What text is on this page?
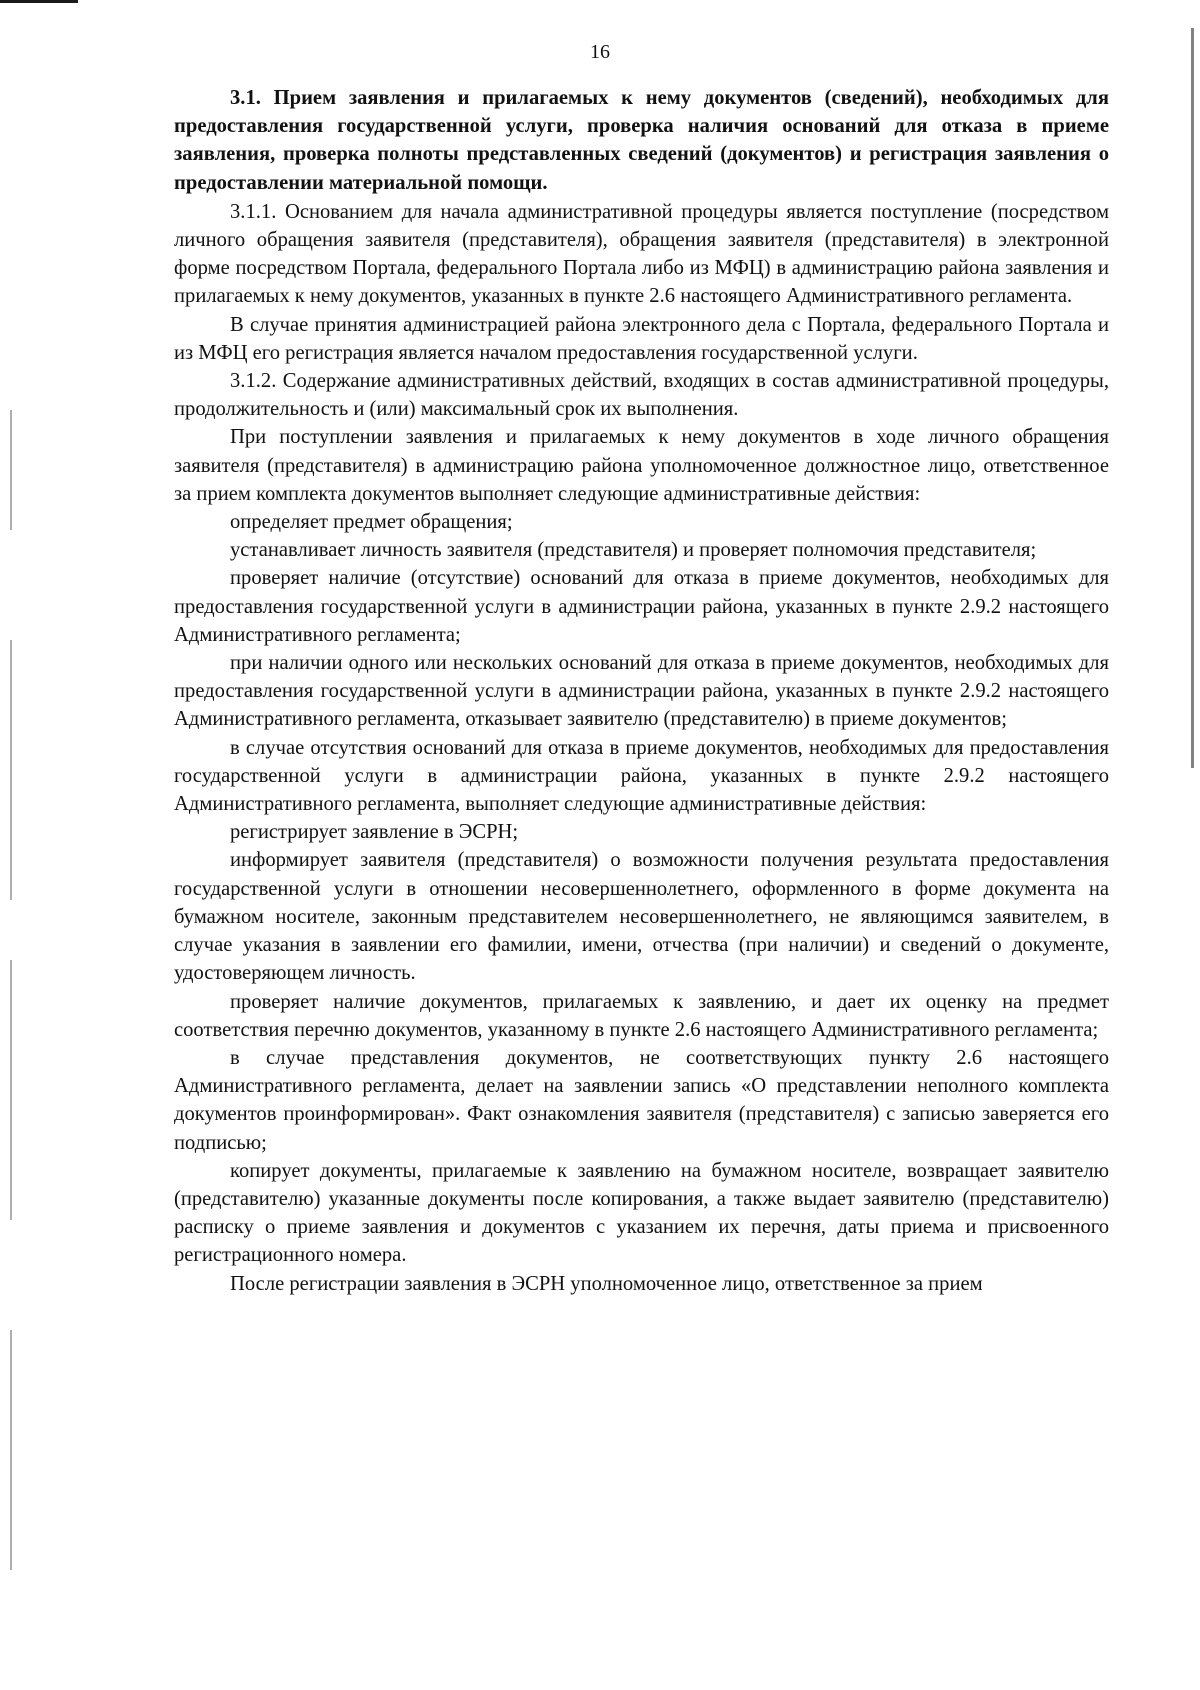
16

3.1. Прием заявления и прилагаемых к нему документов (сведений), необходимых для предоставления государственной услуги, проверка наличия оснований для отказа в приеме заявления, проверка полноты представленных сведений (документов) и регистрация заявления о предоставлении материальной помощи.

3.1.1. Основанием для начала административной процедуры является поступление (посредством личного обращения заявителя (представителя), обращения заявителя (представителя) в электронной форме посредством Портала, федерального Портала либо из МФЦ) в администрацию района заявления и прилагаемых к нему документов, указанных в пункте 2.6 настоящего Административного регламента.

В случае принятия администрацией района электронного дела с Портала, федерального Портала и из МФЦ его регистрация является началом предоставления государственной услуги.

3.1.2. Содержание административных действий, входящих в состав административной процедуры, продолжительность и (или) максимальный срок их выполнения.

При поступлении заявления и прилагаемых к нему документов в ходе личного обращения заявителя (представителя) в администрацию района уполномоченное должностное лицо, ответственное за прием комплекта документов выполняет следующие административные действия:

определяет предмет обращения;

устанавливает личность заявителя (представителя) и проверяет полномочия представителя;

проверяет наличие (отсутствие) оснований для отказа в приеме документов, необходимых для предоставления государственной услуги в администрации района, указанных в пункте 2.9.2 настоящего Административного регламента;

при наличии одного или нескольких оснований для отказа в приеме документов, необходимых для предоставления государственной услуги в администрации района, указанных в пункте 2.9.2 настоящего Административного регламента, отказывает заявителю (представителю) в приеме документов;

в случае отсутствия оснований для отказа в приеме документов, необходимых для предоставления государственной услуги в администрации района, указанных в пункте 2.9.2 настоящего Административного регламента, выполняет следующие административные действия:

регистрирует заявление в ЭСРН;

информирует заявителя (представителя) о возможности получения результата предоставления государственной услуги в отношении несовершеннолетнего, оформленного в форме документа на бумажном носителе, законным представителем несовершеннолетнего, не являющимся заявителем, в случае указания в заявлении его фамилии, имени, отчества (при наличии) и сведений о документе, удостоверяющем личность.

проверяет наличие документов, прилагаемых к заявлению, и дает их оценку на предмет соответствия перечню документов, указанному в пункте 2.6 настоящего Административного регламента;

в случае представления документов, не соответствующих пункту 2.6 настоящего Административного регламента, делает на заявлении запись «О представлении неполного комплекта документов проинформирован». Факт ознакомления заявителя (представителя) с записью заверяется его подписью;

копирует документы, прилагаемые к заявлению на бумажном носителе, возвращает заявителю (представителю) указанные документы после копирования, а также выдает заявителю (представителю) расписку о приеме заявления и документов с указанием их перечня, даты приема и присвоенного регистрационного номера.

После регистрации заявления в ЭСРН уполномоченное лицо, ответственное за прием
